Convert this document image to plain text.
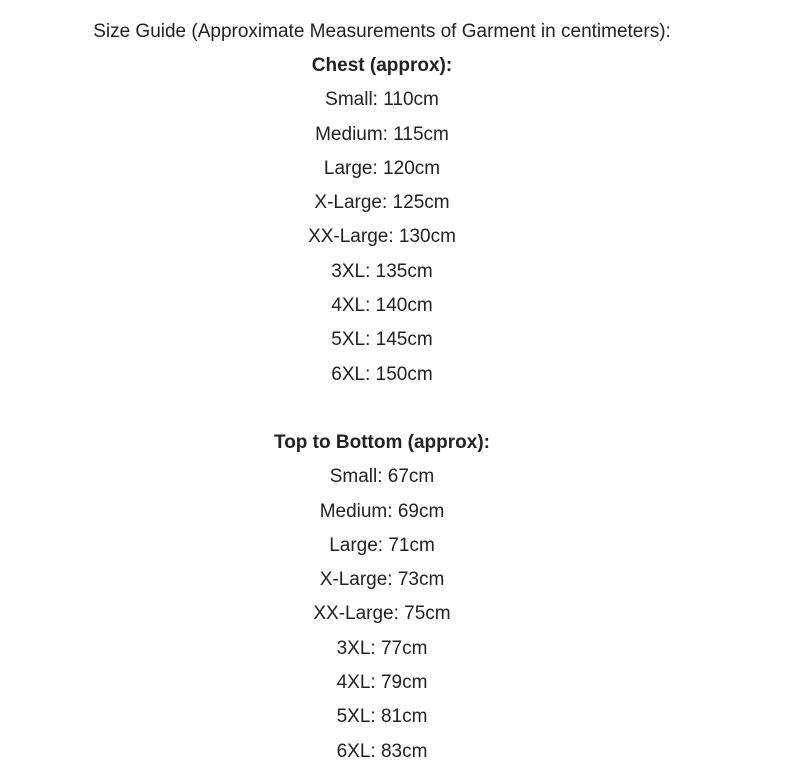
Size Guide (Approximate Measurements of Garment in centimeters):
Chest (approx):
Small: 110cm
Medium: 115cm
Large: 120cm
X-Large: 125cm
XX-Large: 130cm
3XL: 135cm
4XL: 140cm
5XL: 145cm
6XL: 150cm
Top to Bottom (approx):
Small: 67cm
Medium: 69cm
Large: 71cm
X-Large: 73cm
XX-Large: 75cm
3XL: 77cm
4XL: 79cm
5XL: 81cm
6XL: 83cm
